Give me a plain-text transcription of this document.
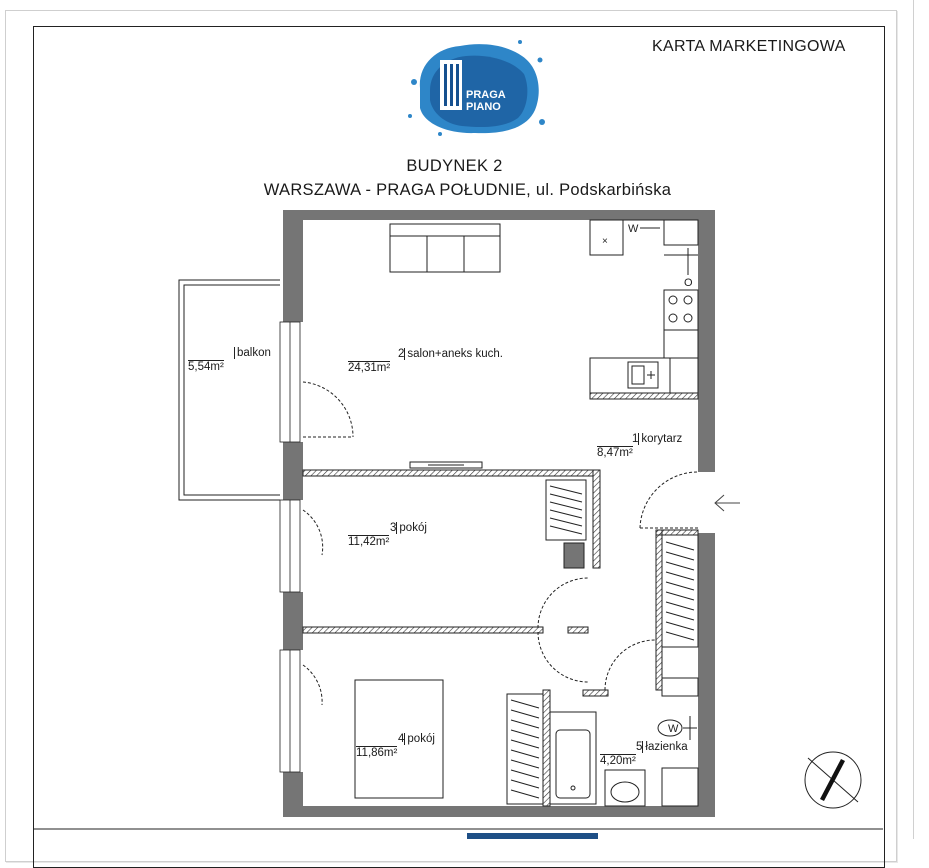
KARTA MARKETINGOWA
PRAGA
PIANO
BUDYNEK 2
WARSZAWA - PRAGA POŁUDNIE, ul. Podskarbińska
×
W
O
W
2 salon+aneks kuch.
24,31m²
1 korytarz
8,47m²
3 pokój
11,42m²
4 pokój
11,86m²	5 łazienka
4,20m²
balkon
5,54m²
